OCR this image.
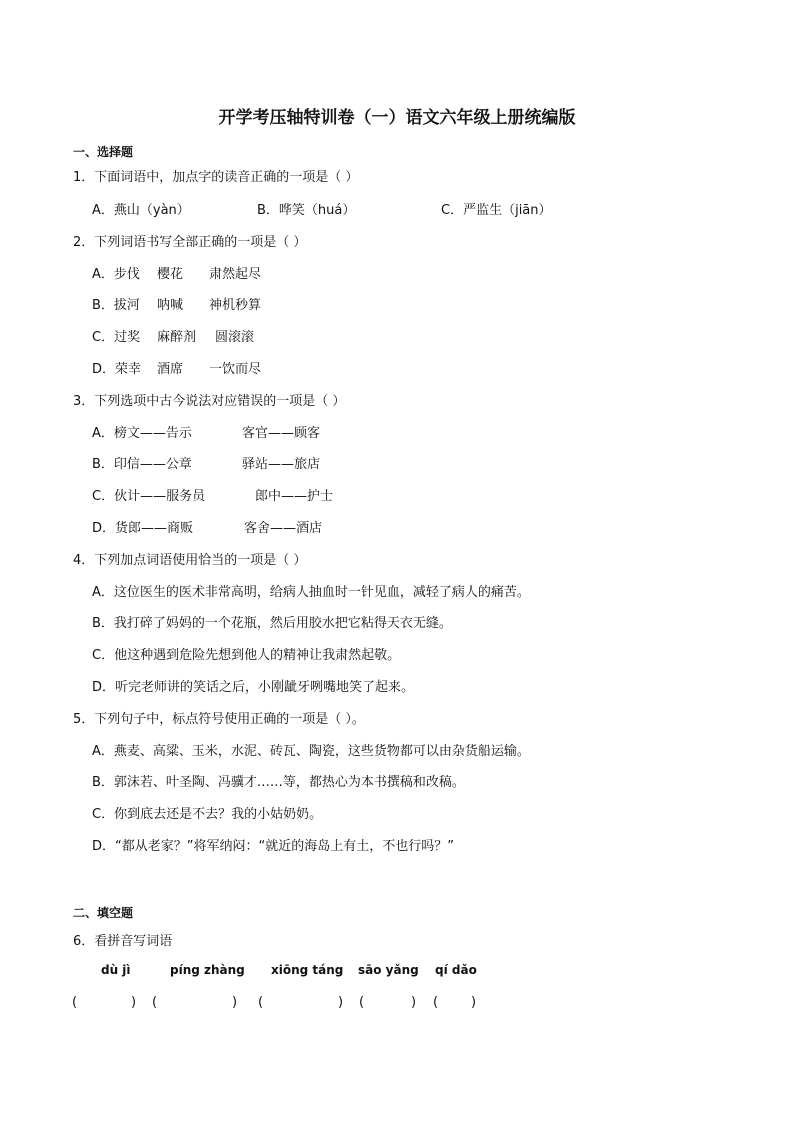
开学考压轴特训卷（一）语文六年级上册统编版
一、选择题
1．下面词语中，加点字的读音正确的一项是（ ）
A．燕山（yàn）	B．哗笑（huá）	C．严监生（jiān）
2．下列词语书写全部正确的一项是（ ）
A．步伐 樱花 肃然起尽
B．拔河 呐喊 神机秒算
C．过奖 麻醉剂 圆滚滚
D．荣幸 酒席 一饮而尽
3．下列选项中古今说法对应错误的一项是（ ）
A．榜文——告示	客官——顾客
B．印信——公章	驿站——旅店
C．伙计——服务员	郎中——护士
D．货郎——商贩	客舍——酒店
4．下列加点词语使用恰当的一项是（ ）
A．这位医生的医术非常高明，给病人抽血时一针见血，减轻了病人的痛苦。
B．我打碎了妈妈的一个花瓶，然后用胶水把它粘得天衣无缝。
C．他这种遇到危险先想到他人的精神让我肃然起敬。
D．听完老师讲的笑话之后，小刚龇牙咧嘴地笑了起来。
5．下列句子中，标点符号使用正确的一项是（ ）。
A．燕麦、高粱、玉米，水泥、砖瓦、陶瓷，这些货物都可以由杂货船运输。
B．郭沫若、叶圣陶、冯骥才……等，都热心为本书撰稿和改稿。
C．你到底去还是不去？我的小姑奶奶。
D．“都从老家？”将军纳闷：“就近的海岛上有土，不也行吗？”
二、填空题
6．看拼音写词语
dù jì	píng zhàng xiōng táng sāo yǎng qí dǎo
(	) (	) (	) (	) (	)
